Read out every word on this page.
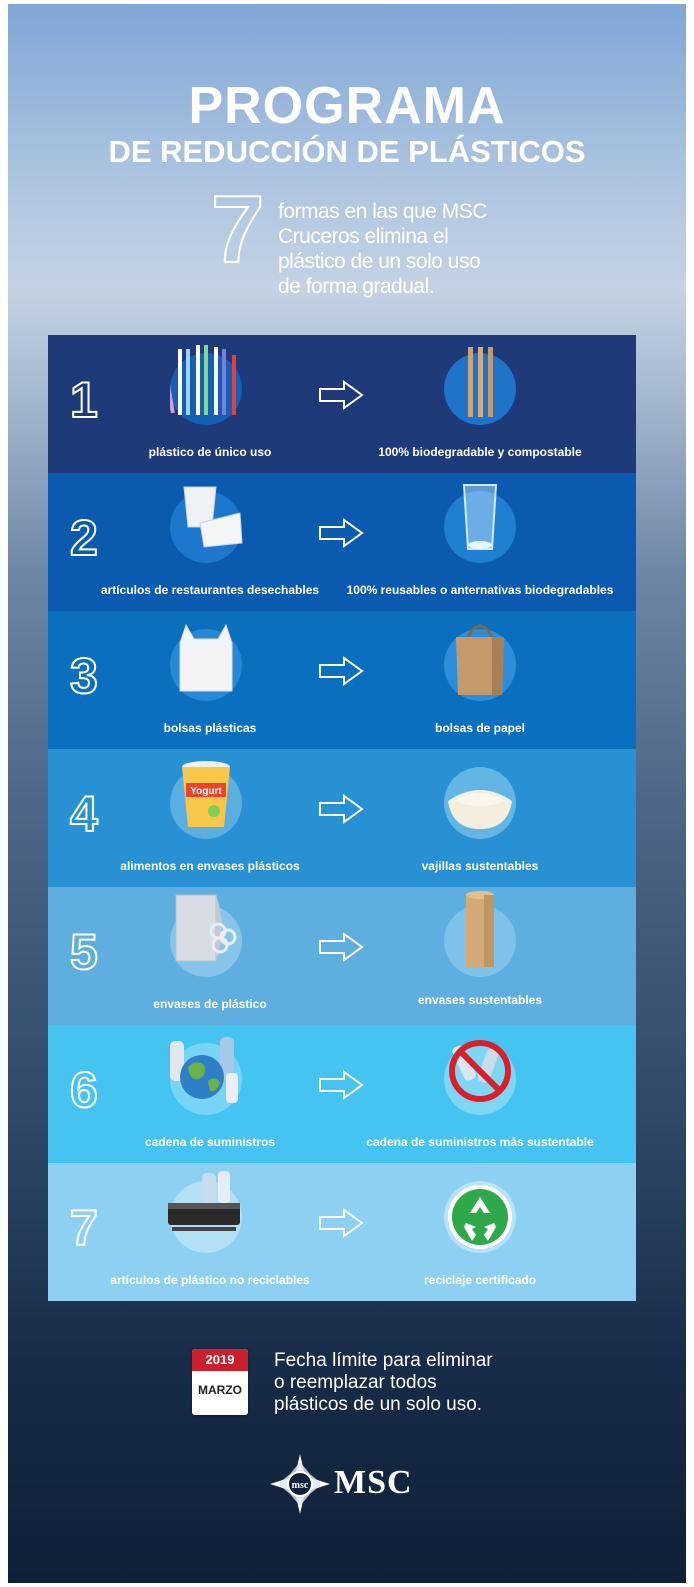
PROGRAMA
DE REDUCCIÓN DE PLÁSTICOS
7 formas en las que MSC Cruceros elimina el plástico de un solo uso de forma gradual.
1
plástico de único uso	100% biodegradable y compostable
2
artículos de restaurantes desechables	100% reusables o anternativas biodegradables
3
bolsas plásticas	bolsas de papel
4	Yogurt
alimentos en envases plásticos	vajillas sustentables
5
envases de plástico	envases sustentables
6
cadena de suministros	cadena de suministros más sustentable
7
artículos de plástico no reciclables	reciclaje certificado
2019
MARZO
Fecha límite para eliminar o reemplazar todos plásticos de un solo uso.
msc MSC
